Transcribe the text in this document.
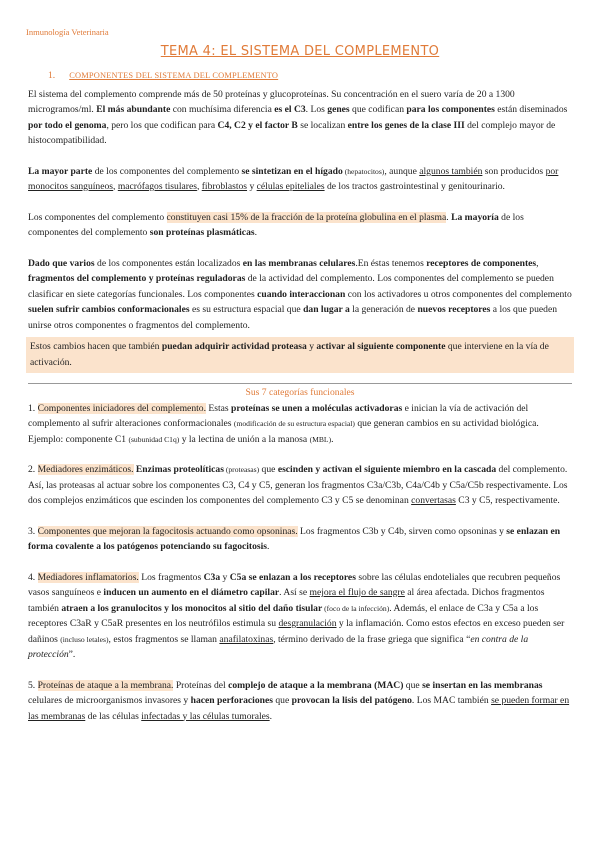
Inmunología Veterinaria
TEMA 4: EL SISTEMA DEL COMPLEMENTO
1. COMPONENTES DEL SISTEMA DEL COMPLEMENTO

El sistema del complemento comprende más de 50 proteínas y glucoproteínas. Su concentración en el suero varía de 20 a 1300 microgramos/ml. El más abundante con muchísima diferencia es el C3. Los genes que codifican para los componentes están diseminados por todo el genoma, pero los que codifican para C4, C2 y el factor B se localizan entre los genes de la clase III del complejo mayor de histocompatibilidad.

La mayor parte de los componentes del complemento se sintetizan en el hígado (hepatocitos), aunque algunos también son producidos por monocitos sanguíneos, macrófagos tisulares, fibroblastos y células epiteliales de los tractos gastrointestinal y genitourinario.

Los componentes del complemento constituyen casi 15% de la fracción de la proteína globulina en el plasma. La mayoría de los componentes del complemento son proteínas plasmáticas.

Dado que varios de los componentes están localizados en las membranas celulares.En éstas tenemos receptores de componentes, fragmentos del complemento y proteínas reguladoras de la actividad del complemento. Los componentes del complemento se pueden clasificar en siete categorías funcionales. Los componentes cuando interaccionan con los activadores u otros componentes del complemento suelen sufrir cambios conformacionales es su estructura espacial que dan lugar a la generación de nuevos receptores a los que pueden unirse otros componentes o fragmentos del complemento.

Estos cambios hacen que también puedan adquirir actividad proteasa y activar al siguiente componente que interviene en la vía de activación.
Sus 7 categorías funcionales

1. Componentes iniciadores del complemento. Estas proteínas se unen a moléculas activadoras e inician la vía de activación del complemento al sufrir alteraciones conformacionales (modificación de su estructura espacial) que generan cambios en su actividad biológica. Ejemplo: componente C1 (subunidad C1q) y la lectina de unión a la manosa (MBL).

2. Mediadores enzimáticos. Enzimas proteolíticas (proteasas) que escinden y activan el siguiente miembro en la cascada del complemento. Así, las proteasas al actuar sobre los componentes C3, C4 y C5, generan los fragmentos C3a/C3b, C4a/C4b y C5a/C5b respectivamente. Los dos complejos enzimáticos que escinden los componentes del complemento C3 y C5 se denominan convertasas C3 y C5, respectivamente.

3. Componentes que mejoran la fagocitosis actuando como opsoninas. Los fragmentos C3b y C4b, sirven como opsoninas y se enlazan en forma covalente a los patógenos potenciando su fagocitosis.

4. Mediadores inflamatorios. Los fragmentos C3a y C5a se enlazan a los receptores sobre las células endoteliales que recubren pequeños vasos sanguíneos e inducen un aumento en el diámetro capilar. Así se mejora el flujo de sangre al área afectada. Dichos fragmentos también atraen a los granulocitos y los monocitos al sitio del daño tisular (foco de la infección). Además, el enlace de C3a y C5a a los receptores C3aR y C5aR presentes en los neutrófilos estimula su desgranulación y la inflamación. Como estos efectos en exceso pueden ser dañinos (incluso letales), estos fragmentos se llaman anafilatoxinas, término derivado de la frase griega que significa “en contra de la protección”.

5. Proteínas de ataque a la membrana. Proteínas del complejo de ataque a la membrana (MAC) que se insertan en las membranas celulares de microorganismos invasores y hacen perforaciones que provocan la lisis del patógeno. Los MAC también se pueden formar en las membranas de las células infectadas y las células tumorales.
